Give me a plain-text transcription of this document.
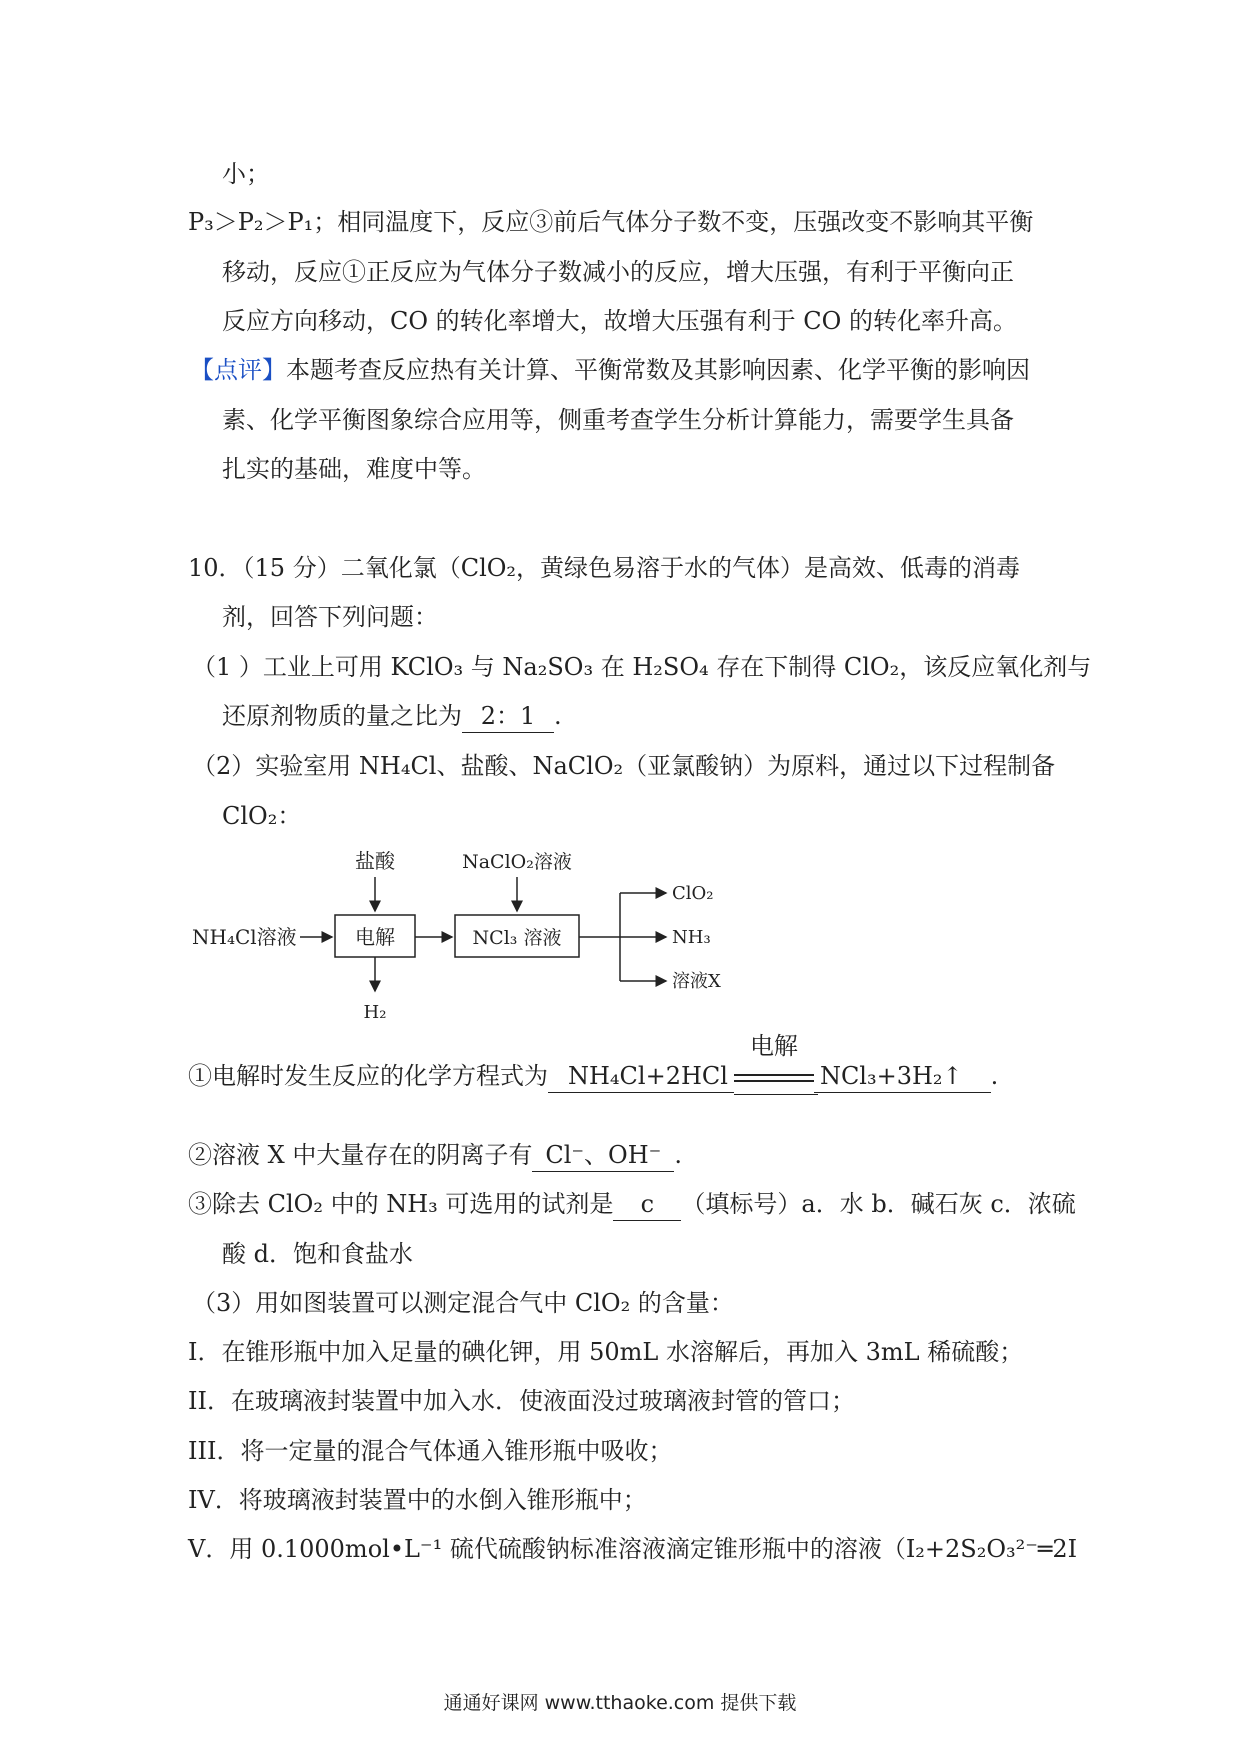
小；
P₃＞P₂＞P₁；相同温度下，反应③前后气体分子数不变，压强改变不影响其平衡
移动，反应①正反应为气体分子数减小的反应，增大压强，有利于平衡向正
反应方向移动，CO 的转化率增大，故增大压强有利于 CO 的转化率升高。
【点评】本题考查反应热有关计算、平衡常数及其影响因素、化学平衡的影响因
素、化学平衡图象综合应用等，侧重考查学生分析计算能力，需要学生具备
扎实的基础，难度中等。
10．（15 分）二氧化氯（ClO₂，黄绿色易溶于水的气体）是高效、低毒的消毒
剂，回答下列问题：
（1 ）工业上可用 KClO₃ 与 Na₂SO₃ 在 H₂SO₄ 存在下制得 ClO₂，该反应氧化剂与
还原剂物质的量之比为 2：1 .
（2）实验室用 NH₄Cl、盐酸、NaClO₂（亚氯酸钠）为原料，通过以下过程制备
ClO₂：
NH₄Cl溶液	电解
盐酸
H₂
NCl₃ 溶液
NaClO₂溶液
ClO₂
NH₃
溶液X
①电解时发生反应的化学方程式为 NH₄Cl+2HCl
电解
NCl₃+3H₂↑ .
②溶液 X 中大量存在的阴离子有 Cl⁻、OH⁻ .
③除去 ClO₂ 中的 NH₃ 可选用的试剂是 c （填标号）a．水 b．碱石灰 c．浓硫
酸 d．饱和食盐水
（3）用如图装置可以测定混合气中 ClO₂ 的含量：
I．在锥形瓶中加入足量的碘化钾，用 50mL 水溶解后，再加入 3mL 稀硫酸；
II．在玻璃液封装置中加入水．使液面没过玻璃液封管的管口；
III．将一定量的混合气体通入锥形瓶中吸收；
IV．将玻璃液封装置中的水倒入锥形瓶中；
V．用 0.1000mol•L⁻¹ 硫代硫酸钠标准溶液滴定锥形瓶中的溶液（I₂+2S₂O₃²⁻═2I
通通好课网 www.tthaoke.com 提供下载
